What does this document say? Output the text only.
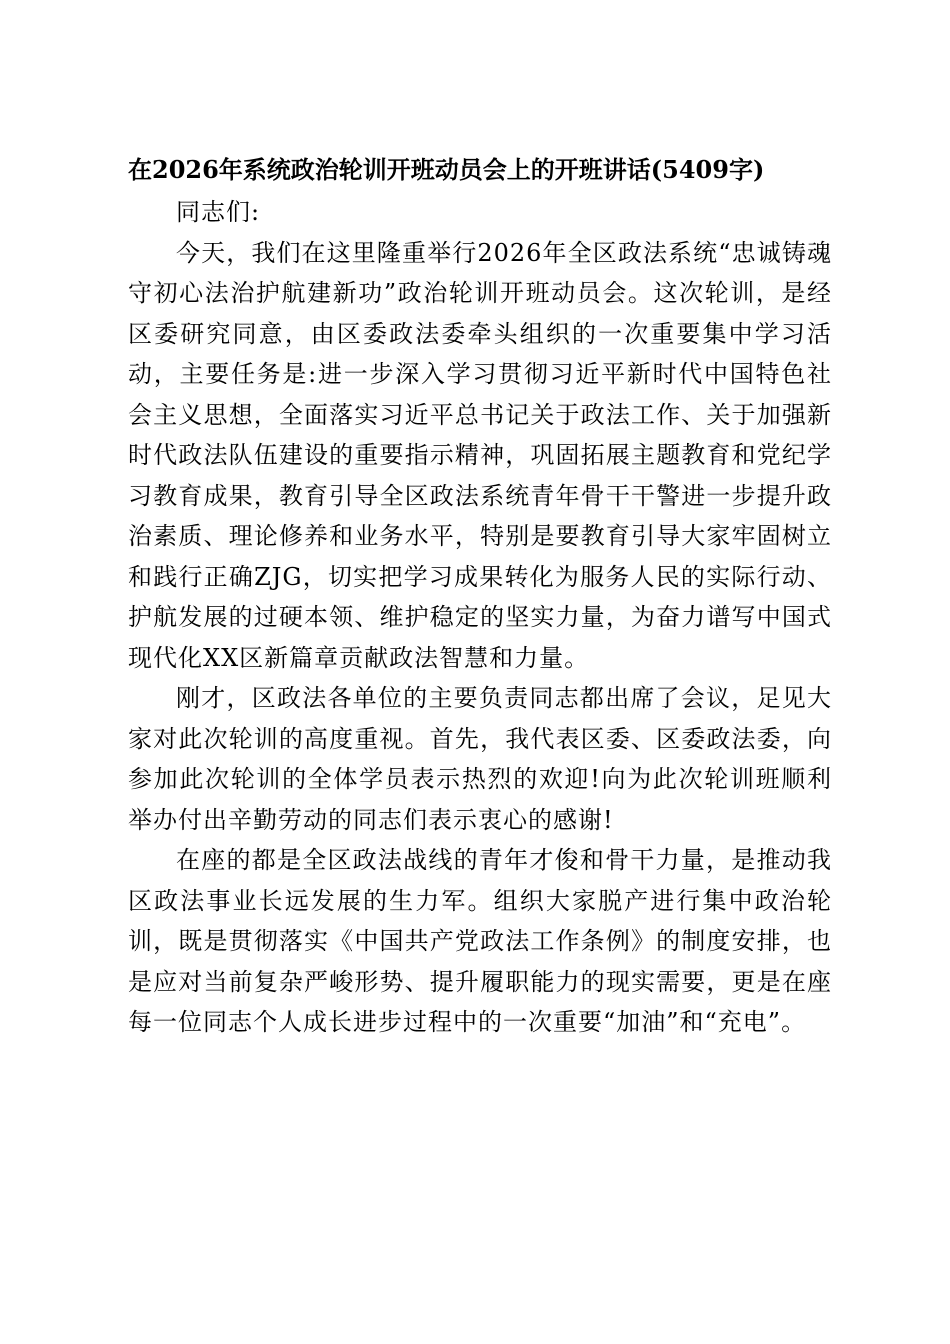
在2026年系统政治轮训开班动员会上的开班讲话(5409字)

同志们:

今天，我们在这里隆重举行2026年全区政法系统“忠诚铸魂守初心法治护航建新功”政治轮训开班动员会。这次轮训，是经区委研究同意，由区委政法委牵头组织的一次重要集中学习活动，主要任务是:进一步深入学习贯彻习近平新时代中国特色社会主义思想，全面落实习近平总书记关于政法工作、关于加强新时代政法队伍建设的重要指示精神，巩固拓展主题教育和党纪学习教育成果，教育引导全区政法系统青年骨干干警进一步提升政治素质、理论修养和业务水平，特别是要教育引导大家牢固树立和践行正确ZJG，切实把学习成果转化为服务人民的实际行动、护航发展的过硬本领、维护稳定的坚实力量，为奋力谱写中国式现代化XX区新篇章贡献政法智慧和力量。

刚才，区政法各单位的主要负责同志都出席了会议，足见大家对此次轮训的高度重视。首先，我代表区委、区委政法委，向参加此次轮训的全体学员表示热烈的欢迎!向为此次轮训班顺利举办付出辛勤劳动的同志们表示衷心的感谢!

在座的都是全区政法战线的青年才俊和骨干力量，是推动我区政法事业长远发展的生力军。组织大家脱产进行集中政治轮训，既是贯彻落实《中国共产党政法工作条例》的制度安排，也是应对当前复杂严峻形势、提升履职能力的现实需要，更是在座每一位同志个人成长进步过程中的一次重要“加油”和“充电”。
